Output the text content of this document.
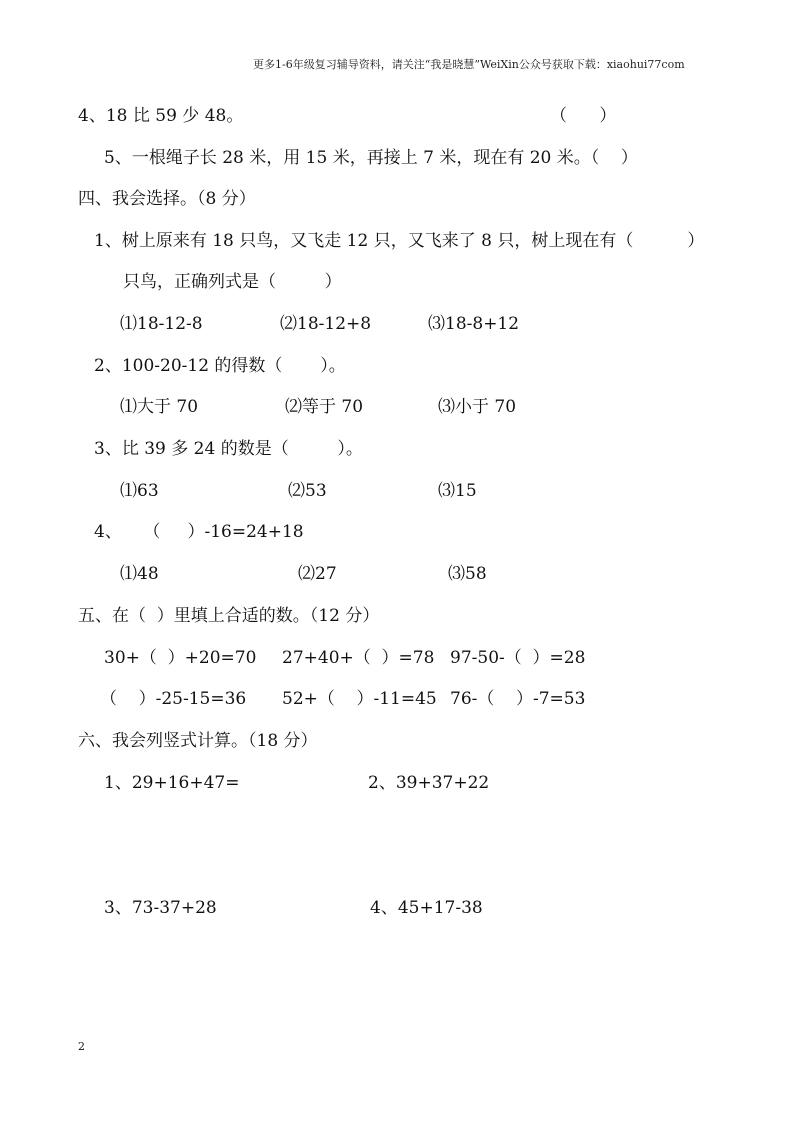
更多1-6年级复习辅导资料，请关注“我是晓慧”WeiXin公众号获取下载：xiaohui77com
4、18 比 59 少 48。	（      ）
5、一根绳子长 28 米，用 15 米，再接上 7 米，现在有 20 米。（    ）
四、我会选择。（8 分）
1、树上原来有 18 只鸟，又飞走 12 只，又飞来了 8 只，树上现在有（          ）
只鸟，正确列式是（         ）
⑴18-12-8	⑵18-12+8	⑶18-8+12
2、100-20-12 的得数（       ）。
⑴大于 70	⑵等于 70	⑶小于 70
3、比 39 多 24 的数是（         ）。
⑴63	⑵53	⑶15
4、    （     ）-16=24+18
⑴48	⑵27	⑶58
五、在（  ）里填上合适的数。（12 分）
30+（  ）+20=70 27+40+（  ）=78 97-50-（  ）=28
（    ）-25-15=36 52+（    ）-11=45 76-（    ）-7=53
六、我会列竖式计算。（18 分）
1、29+16+47=	2、39+37+22
3、73-37+28	4、45+17-38
2
